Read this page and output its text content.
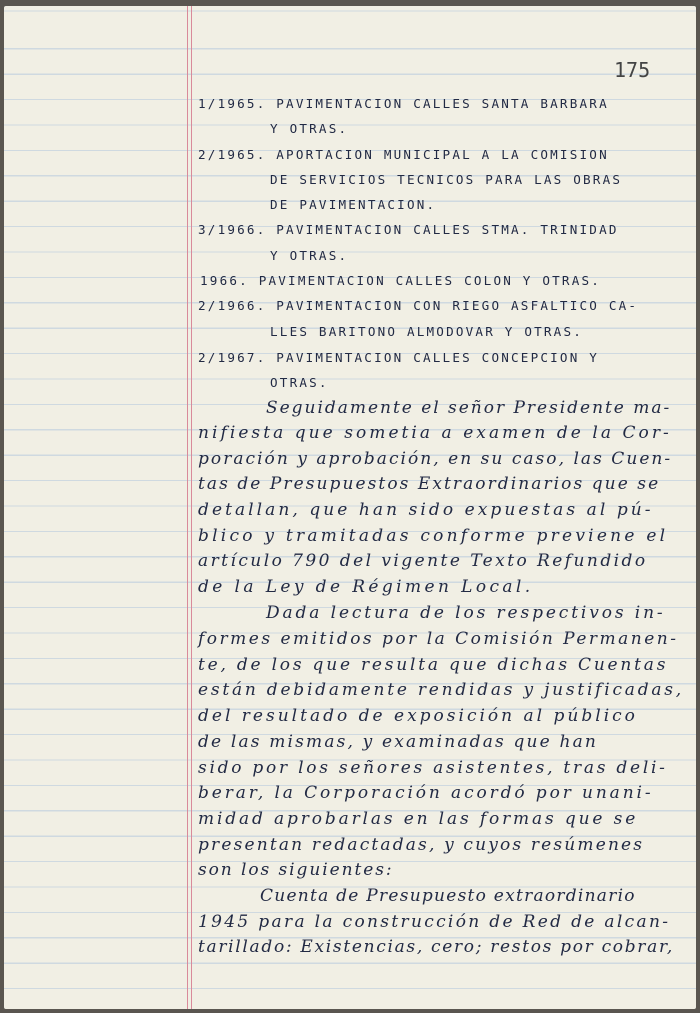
175
1/1965. PAVIMENTACION CALLES SANTA BARBARA
Y OTRAS.
2/1965. APORTACION MUNICIPAL A LA COMISION
DE SERVICIOS TECNICOS PARA LAS OBRAS
DE PAVIMENTACION.
3/1966. PAVIMENTACION CALLES STMA. TRINIDAD
Y OTRAS.
1966. PAVIMENTACION CALLES COLON Y OTRAS.
2/1966. PAVIMENTACION CON RIEGO ASFALTICO CA-
LLES BARITONO ALMODOVAR Y OTRAS.
2/1967. PAVIMENTACION CALLES CONCEPCION Y
OTRAS.
Seguidamente el señor Presidente ma-
nifiesta que sometia a examen de la Cor-
poración y aprobación, en su caso, las Cuen-
tas de Presupuestos Extraordinarios que se
detallan, que han sido expuestas al pú-
blico y tramitadas conforme previene el
artículo 790 del vigente Texto Refundido
de la Ley de Régimen Local.
Dada lectura de los respectivos in-
formes emitidos por la Comisión Permanen-
te, de los que resulta que dichas Cuentas
están debidamente rendidas y justificadas,
del resultado de exposición al público
de las mismas, y examinadas que han
sido por los señores asistentes, tras deli-
berar, la Corporación acordó por unani-
midad aprobarlas en las formas que se
presentan redactadas, y cuyos resúmenes
son los siguientes:
Cuenta de Presupuesto extraordinario
1945 para la construcción de Red de alcan-
tarillado: Existencias, cero; restos por cobrar,
